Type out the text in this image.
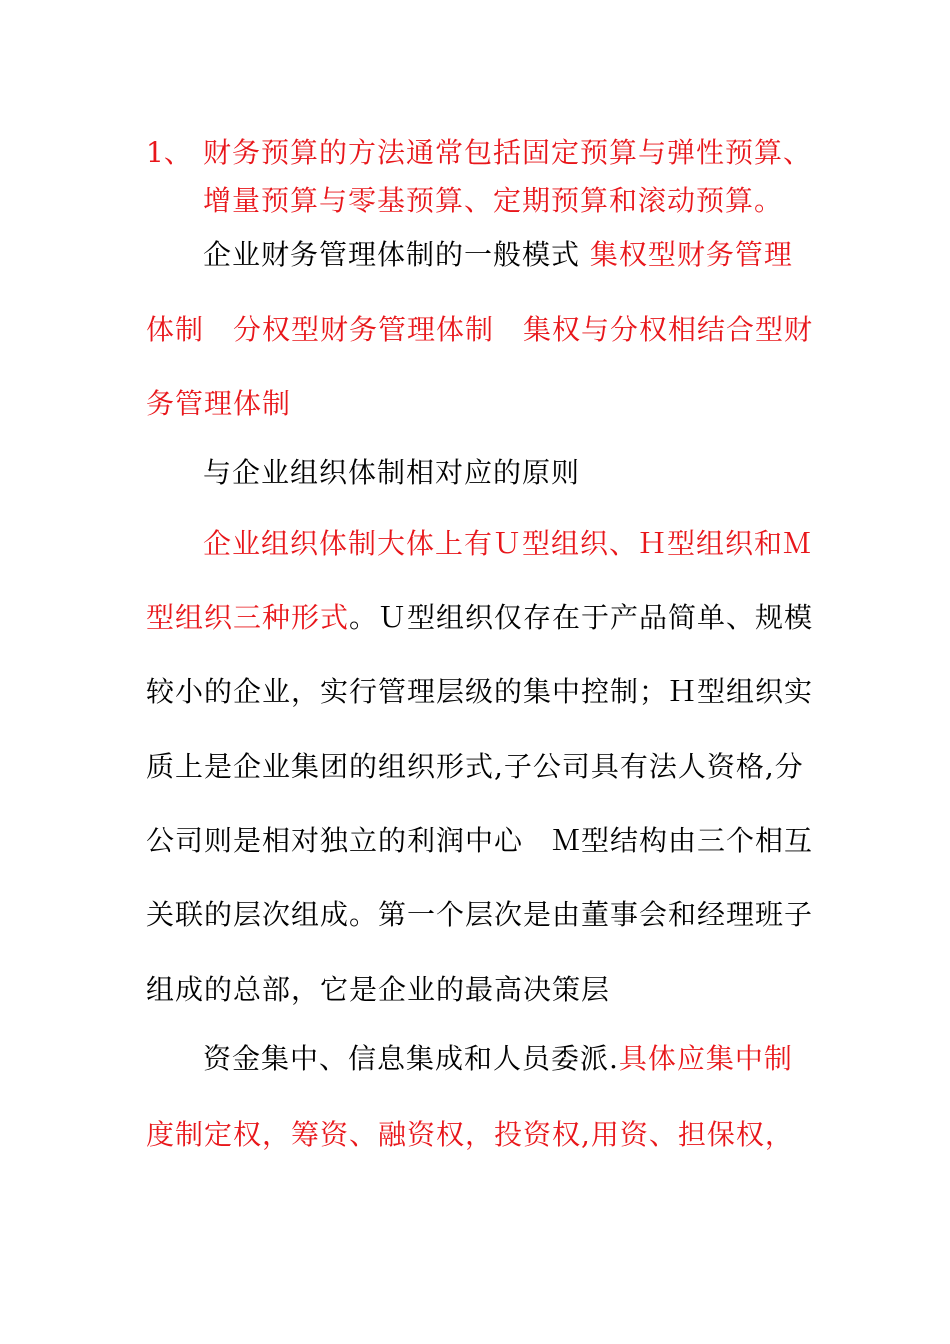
1、 财务预算的方法通常包括固定预算与弹性预算、
增量预算与零基预算、定期预算和滚动预算。
企业财务管理体制的一般模式 集权型财务管理
体制　分权型财务管理体制　集权与分权相结合型财
务管理体制
与企业组织体制相对应的原则
企业组织体制大体上有Ｕ型组织、Ｈ型组织和Ｍ
型组织三种形式。Ｕ型组织仅存在于产品简单、规模
较小的企业，实行管理层级的集中控制；Ｈ型组织实
质上是企业集团的组织形式,子公司具有法人资格,分
公司则是相对独立的利润中心　Ｍ型结构由三个相互
关联的层次组成。第一个层次是由董事会和经理班子
组成的总部，它是企业的最高决策层
资金集中、信息集成和人员委派.具体应集中制
度制定权，筹资、融资权，投资权,用资、担保权，
